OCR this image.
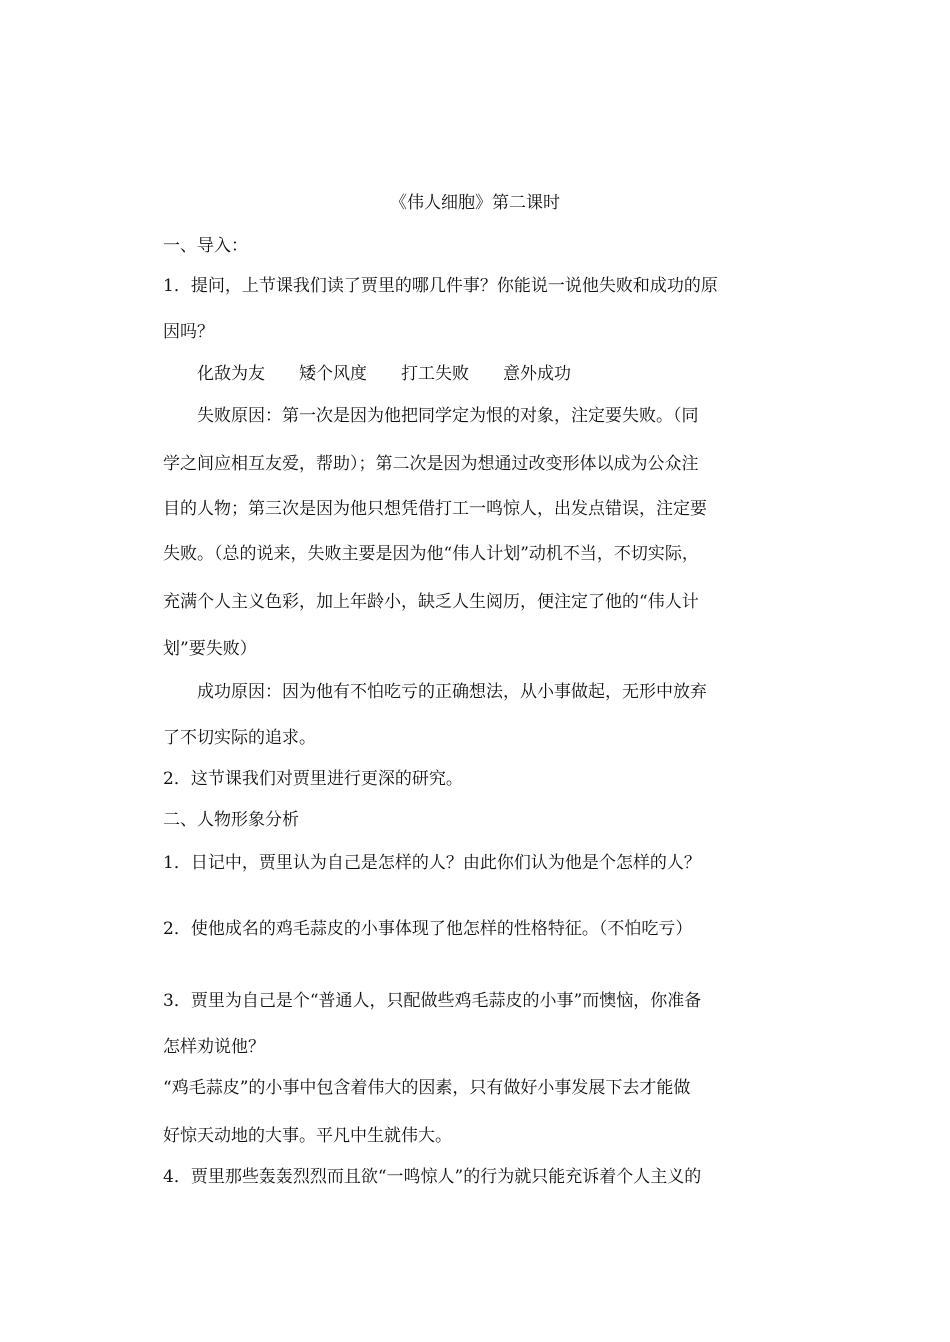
《伟人细胞》第二课时
一、导入：
1．提问，上节课我们读了贾里的哪几件事？你能说一说他失败和成功的原
因吗？
化敌为友　　矮个风度　　打工失败　　意外成功
失败原因：第一次是因为他把同学定为恨的对象，注定要失败。（同
学之间应相互友爱，帮助）；第二次是因为想通过改变形体以成为公众注
目的人物；第三次是因为他只想凭借打工一鸣惊人，出发点错误，注定要
失败。（总的说来，失败主要是因为他“伟人计划”动机不当，不切实际，
充满个人主义色彩，加上年龄小，缺乏人生阅历，便注定了他的“伟人计
划”要失败）
成功原因：因为他有不怕吃亏的正确想法，从小事做起，无形中放弃
了不切实际的追求。
2．这节课我们对贾里进行更深的研究。
二、人物形象分析
1．日记中，贾里认为自己是怎样的人？由此你们认为他是个怎样的人？
2．使他成名的鸡毛蒜皮的小事体现了他怎样的性格特征。（不怕吃亏）
3．贾里为自己是个“普通人，只配做些鸡毛蒜皮的小事”而懊恼，你准备
怎样劝说他？
“鸡毛蒜皮”的小事中包含着伟大的因素，只有做好小事发展下去才能做
好惊天动地的大事。平凡中生就伟大。
4．贾里那些轰轰烈烈而且欲“一鸣惊人”的行为就只能充诉着个人主义的
